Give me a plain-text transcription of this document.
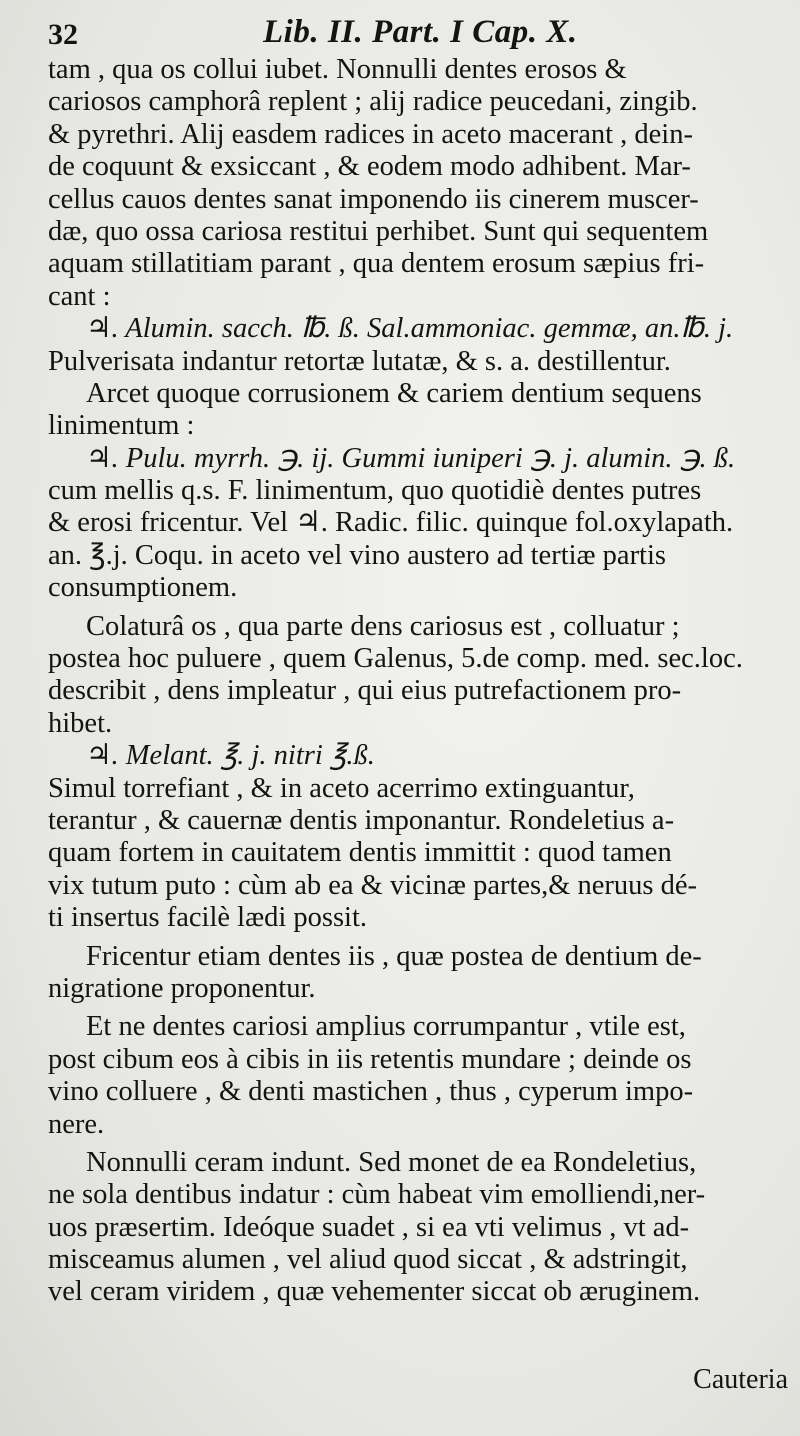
32	Lib. II. Part. I Cap. X.
tam , qua os collui iubet. Nonnulli dentes erosos &
cariosos camphorâ replent ; alij radice peucedani, zingib.
& pyrethri. Alij easdem radices in aceto macerant , dein-
de coquunt & exsiccant , & eodem modo adhibent. Mar-
cellus cauos dentes sanat imponendo iis cinerem muscer-
dæ, quo ossa cariosa restitui perhibet. Sunt qui sequentem
aquam stillatitiam parant , qua dentem erosum sæpius fri-
cant :
♃. Alumin. sacch. ℔. ß. Sal.ammoniac. gemmæ, an.℔. j.
Pulverisata indantur retortæ lutatæ, & s. a. destillentur.
Arcet quoque corrusionem & cariem dentium sequens
linimentum :
♃. Pulu. myrrh. ℈. ij. Gummi iuniperi ℈. j. alumin. ℈. ß.
cum mellis q.s. F. linimentum, quo quotidiè dentes putres
& erosi fricentur. Vel ♃. Radic. filic. quinque fol.oxylapath.
an. ℥.j. Coqu. in aceto vel vino austero ad tertiæ partis
consumptionem.
Colaturâ os , qua parte dens cariosus est , colluatur ;
postea hoc puluere , quem Galenus, 5.de comp. med. sec.loc.
describit , dens impleatur , qui eius putrefactionem pro-
hibet.
♃. Melant. ℥. j. nitri ℥.ß.
Simul torrefiant , & in aceto acerrimo extinguantur,
terantur , & cauernæ dentis imponantur. Rondeletius a-
quam fortem in cauitatem dentis immittit : quod tamen
vix tutum puto : cùm ab ea & vicinæ partes,& neruus dé-
ti insertus facilè lædi possit.
Fricentur etiam dentes iis , quæ postea de dentium de-
nigratione proponentur.
Et ne dentes cariosi amplius corrumpantur , vtile est,
post cibum eos à cibis in iis retentis mundare ; deinde os
vino colluere , & denti mastichen , thus , cyperum impo-
nere.
Nonnulli ceram indunt. Sed monet de ea Rondeletius,
ne sola dentibus indatur : cùm habeat vim emolliendi,ner-
uos præsertim. Ideóque suadet , si ea vti velimus , vt ad-
misceamus alumen , vel aliud quod siccat , & adstringit,
vel ceram viridem , quæ vehementer siccat ob æruginem.
Cauteria
